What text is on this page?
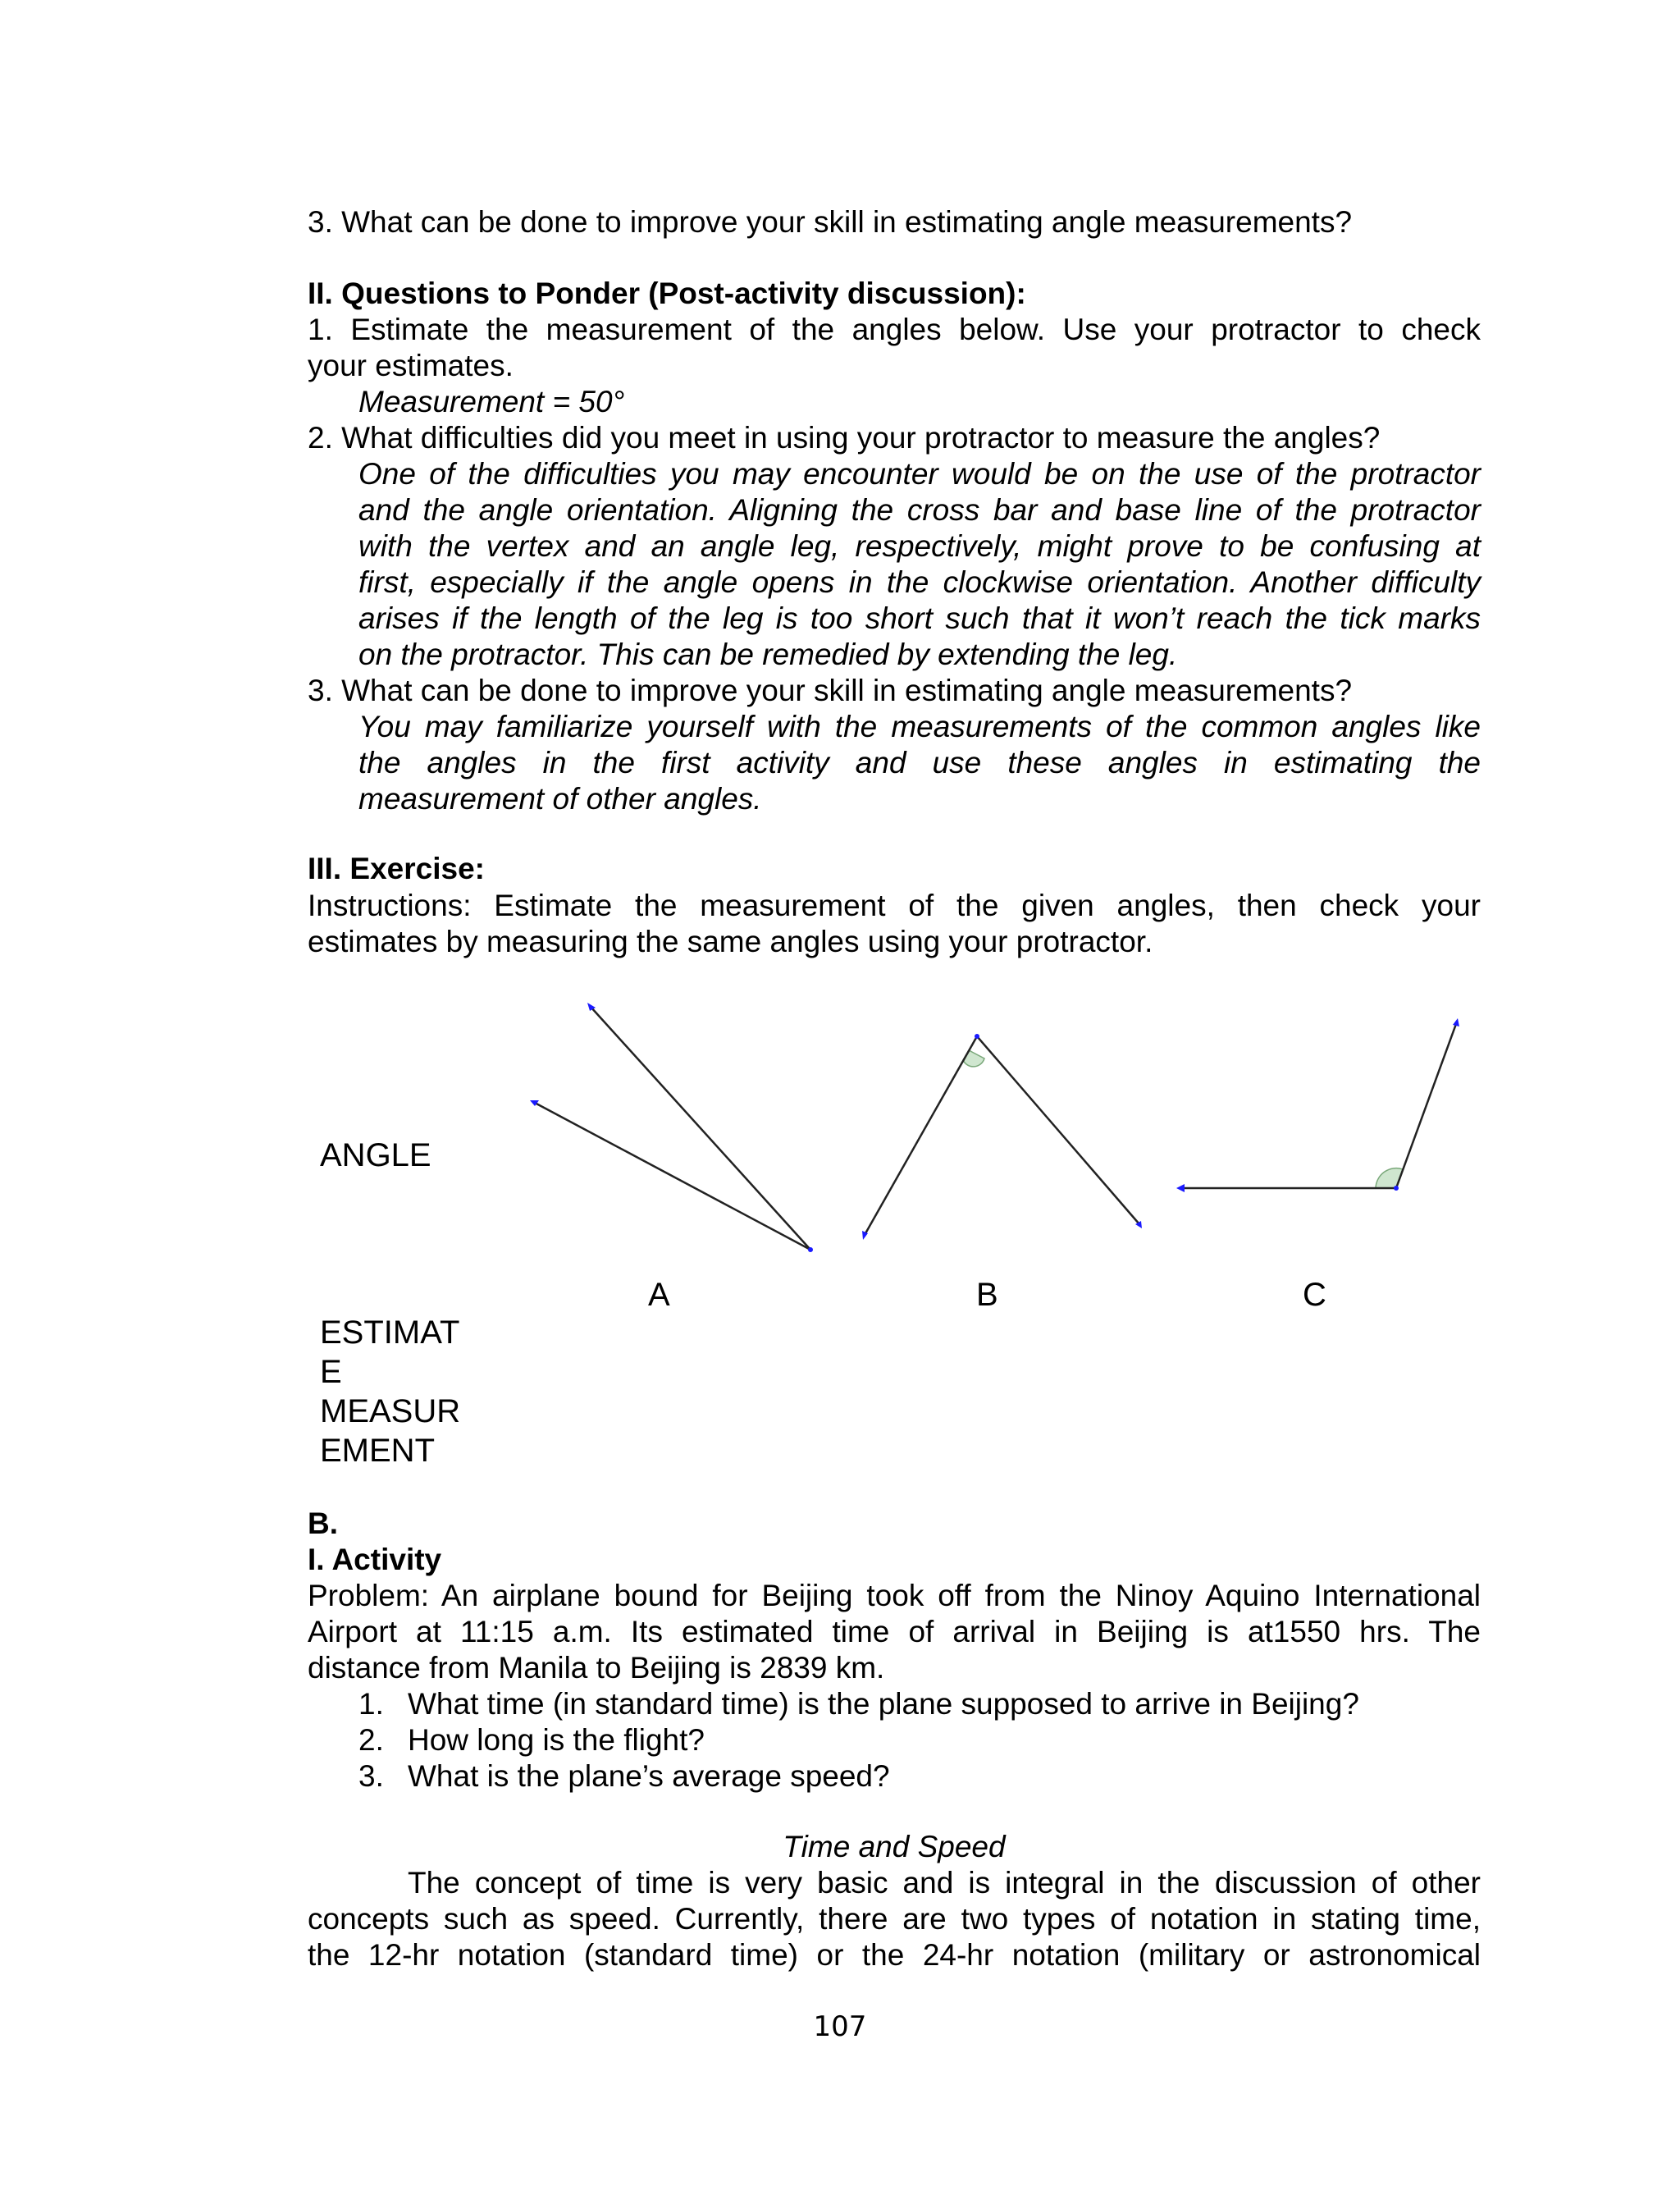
3. What can be done to improve your skill in estimating angle measurements?
II. Questions to Ponder (Post-activity discussion):
1. Estimate the measurement of the angles below. Use your protractor to check
your estimates.
Measurement = 50°
2. What difficulties did you meet in using your protractor to measure the angles?
One of the difficulties you may encounter would be on the use of the protractor
and the angle orientation. Aligning the cross bar and base line of the protractor
with the vertex and an angle leg, respectively, might prove to be confusing at
first, especially if the angle opens in the clockwise orientation. Another difficulty
arises if the length of the leg is too short such that it won’t reach the tick marks
on the protractor. This can be remedied by extending the leg.
3. What can be done to improve your skill in estimating angle measurements?
You may familiarize yourself with the measurements of the common angles like
the angles in the first activity and use these angles in estimating the
measurement of other angles.
III. Exercise:
Instructions: Estimate the measurement of the given angles, then check your
estimates by measuring the same angles using your protractor.
ANGLE
ESTIMAT
E
MEASUR
EMENT
A	B	C
B.
I. Activity
Problem: An airplane bound for Beijing took off from the Ninoy Aquino International
Airport at 11:15 a.m. Its estimated time of arrival in Beijing is at1550 hrs. The
distance from Manila to Beijing is 2839 km.
1. What time (in standard time) is the plane supposed to arrive in Beijing?
2. How long is the flight?
3. What is the plane’s average speed?
Time and Speed
The concept of time is very basic and is integral in the discussion of other
concepts such as speed. Currently, there are two types of notation in stating time,
the 12-hr notation (standard time) or the 24-hr notation (military or astronomical
107
